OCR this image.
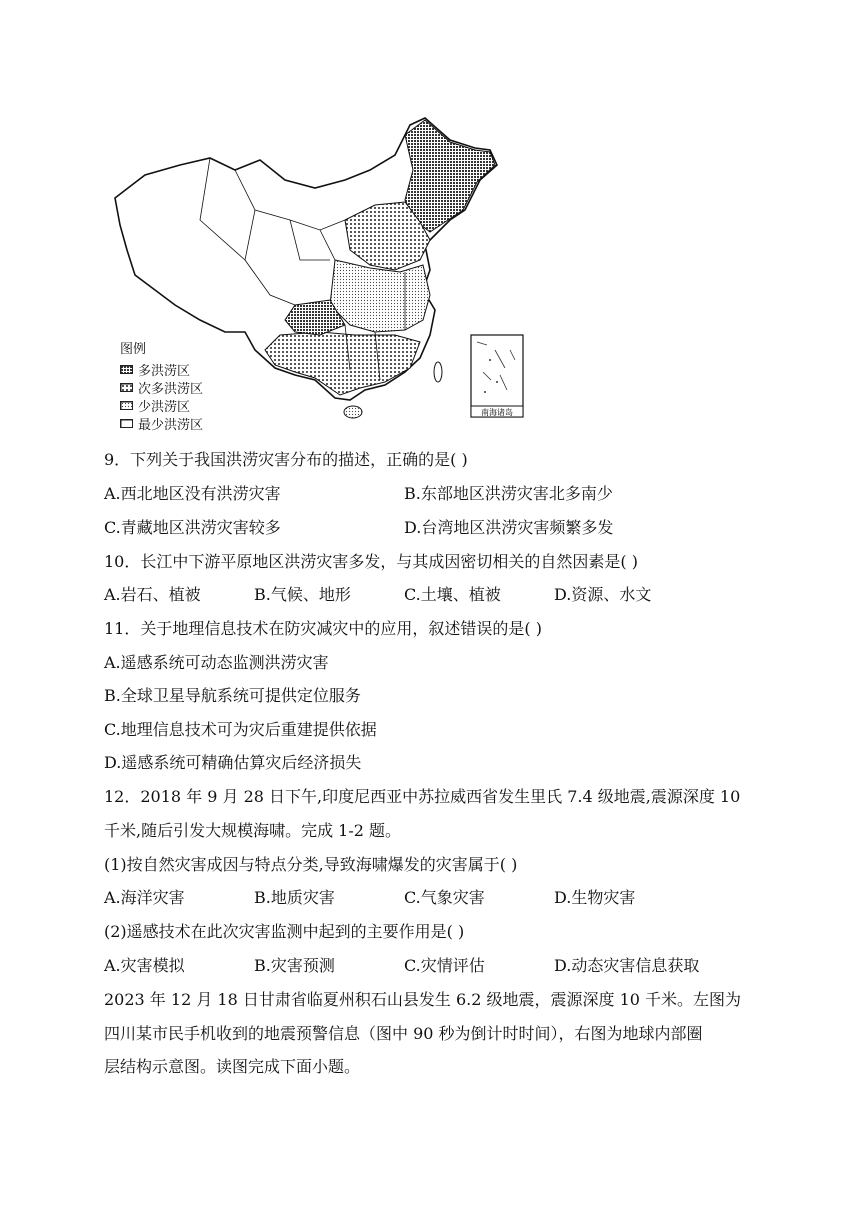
南海诸岛
图例
多洪涝区
次多洪涝区
少洪涝区
最少洪涝区
9．下列关于我国洪涝灾害分布的描述，正确的是( )
A.西北地区没有洪涝灾害	B.东部地区洪涝灾害北多南少
C.青藏地区洪涝灾害较多	D.台湾地区洪涝灾害频繁多发
10．长江中下游平原地区洪涝灾害多发，与其成因密切相关的自然因素是( )
A.岩石、植被	B.气候、地形	C.土壤、植被	D.资源、水文
11．关于地理信息技术在防灾减灾中的应用，叙述错误的是( )
A.遥感系统可动态监测洪涝灾害
B.全球卫星导航系统可提供定位服务
C.地理信息技术可为灾后重建提供依据
D.遥感系统可精确估算灾后经济损失
12．2018 年 9 月 28 日下午,印度尼西亚中苏拉威西省发生里氏 7.4 级地震,震源深度 10
千米,随后引发大规模海啸。完成 1-2 题。
(1)按自然灾害成因与特点分类,导致海啸爆发的灾害属于( )
A.海洋灾害	B.地质灾害	C.气象灾害	D.生物灾害
(2)遥感技术在此次灾害监测中起到的主要作用是( )
A.灾害模拟	B.灾害预测	C.灾情评估	D.动态灾害信息获取
2023 年 12 月 18 日甘肃省临夏州积石山县发生 6.2 级地震，震源深度 10 千米。左图为
四川某市民手机收到的地震预警信息（图中 90 秒为倒计时时间），右图为地球内部圈
层结构示意图。读图完成下面小题。
